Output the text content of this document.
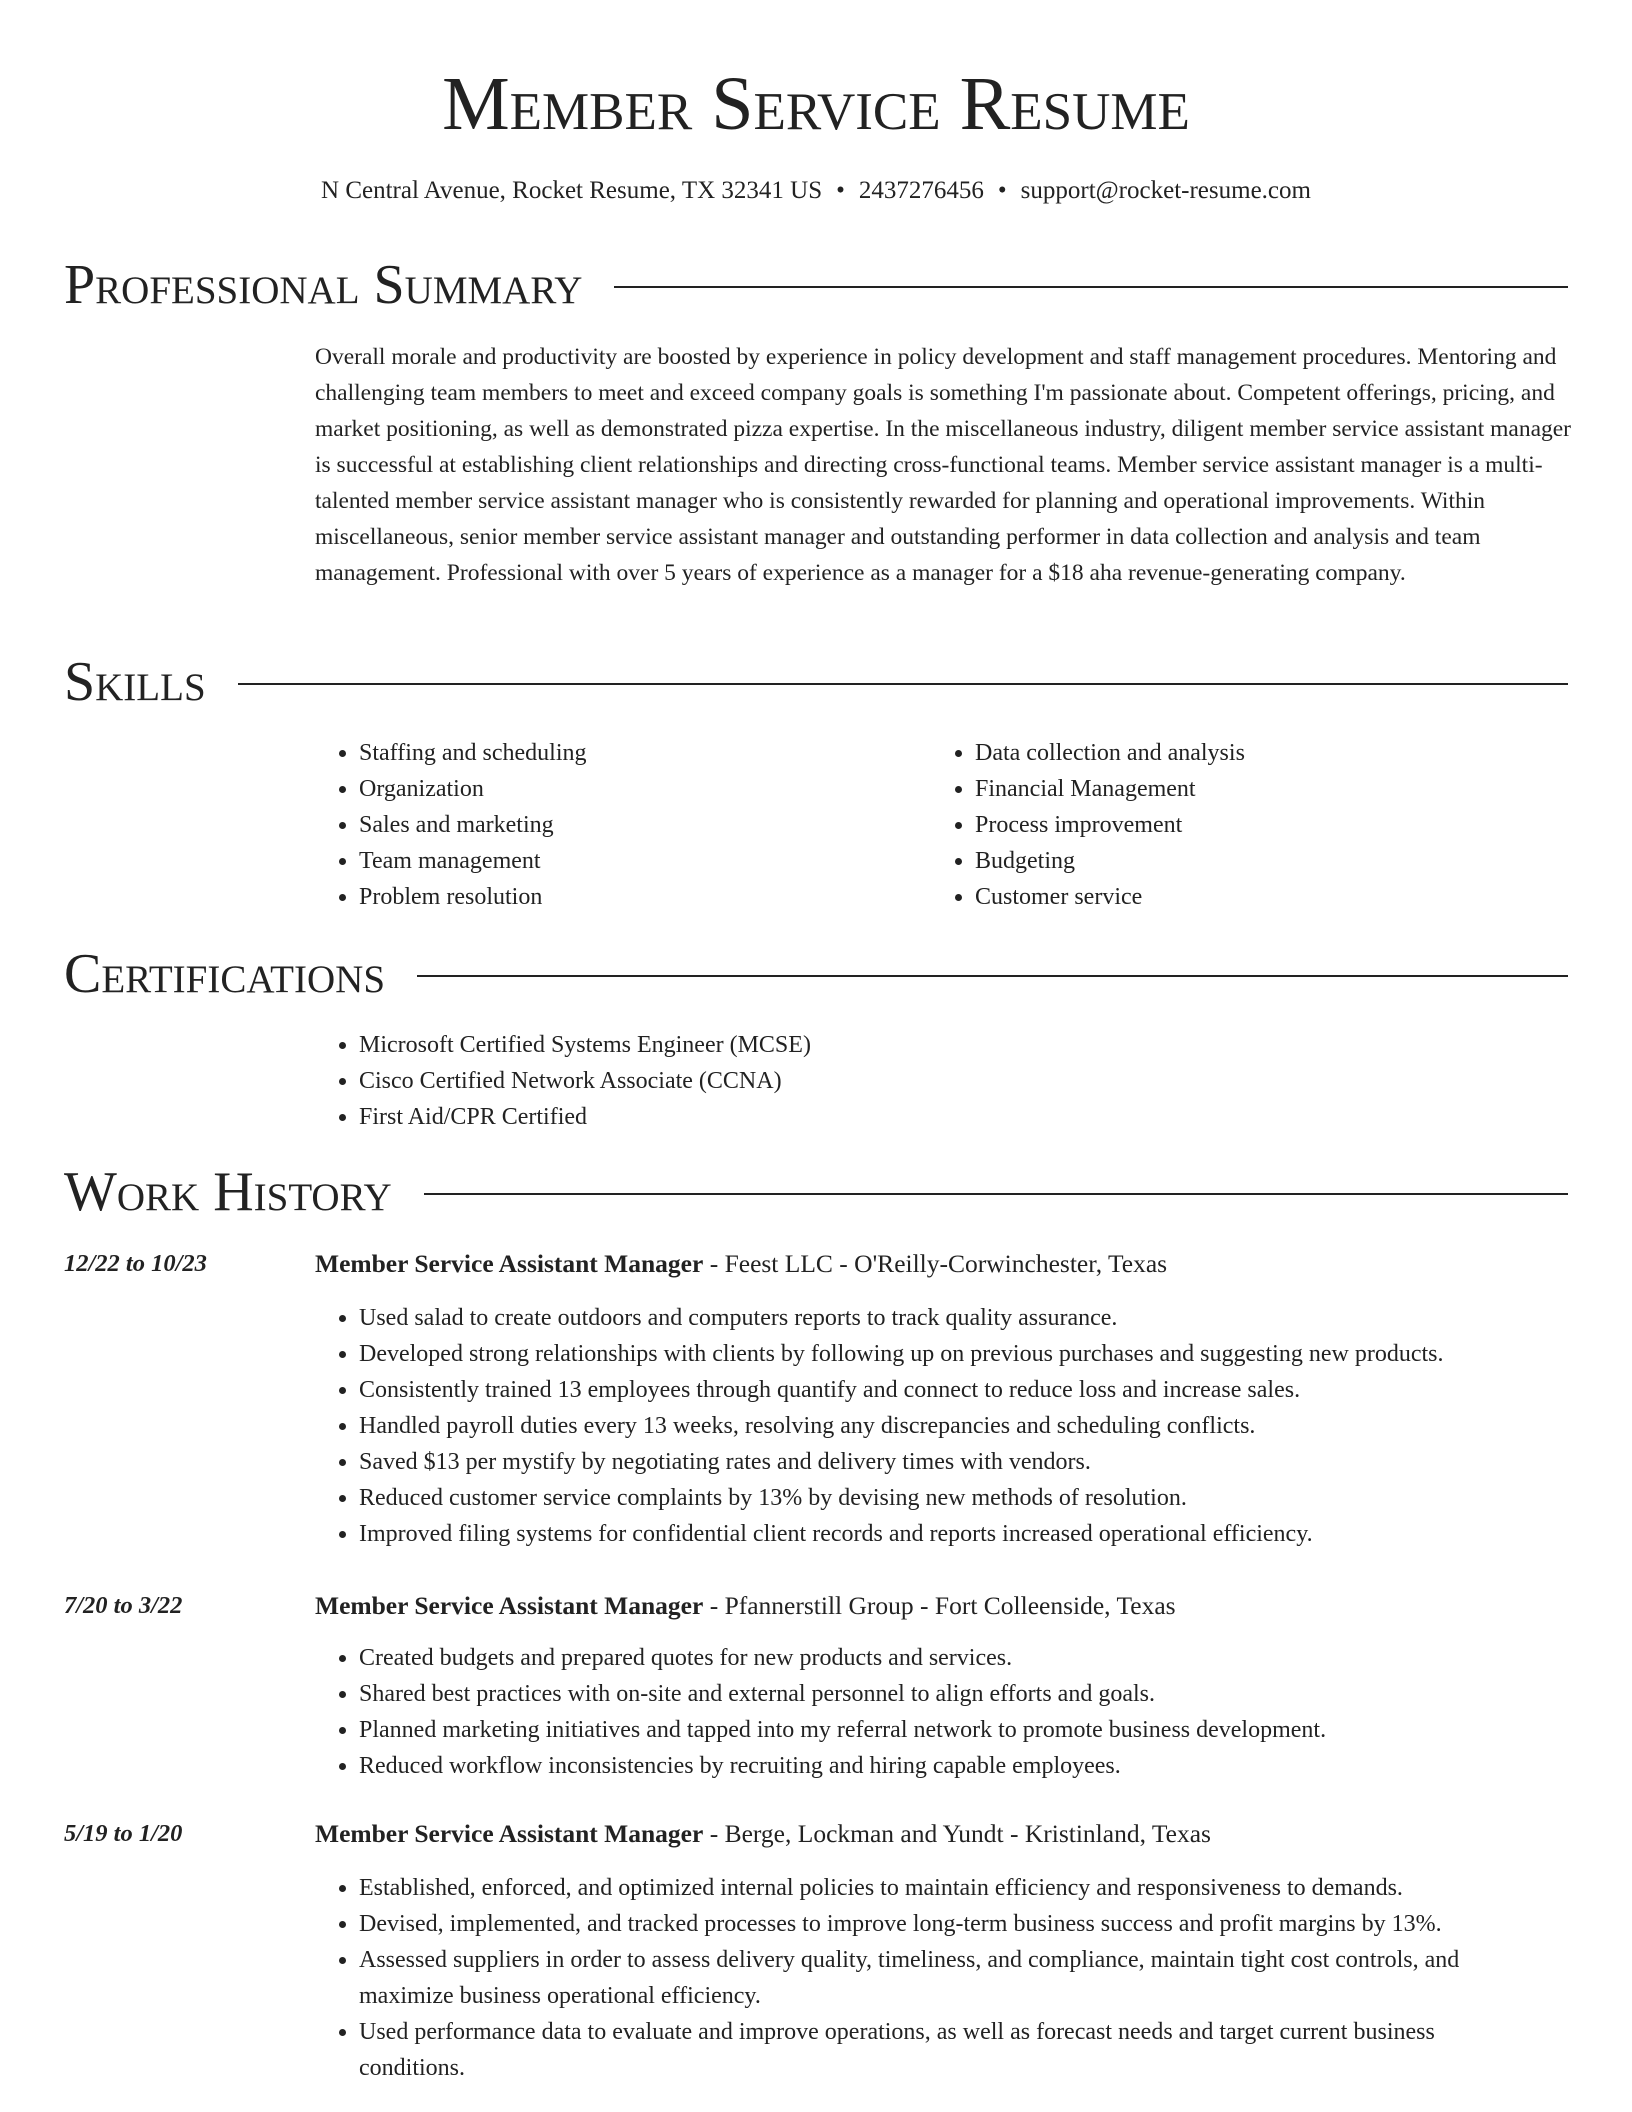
Member Service Resume
N Central Avenue, Rocket Resume, TX 32341 US • 2437276456 • support@rocket-resume.com
Professional Summary

Overall morale and productivity are boosted by experience in policy development and staff management procedures. Mentoring and challenging team members to meet and exceed company goals is something I'm passionate about. Competent offerings, pricing, and market positioning, as well as demonstrated pizza expertise. In the miscellaneous industry, diligent member service assistant manager is successful at establishing client relationships and directing cross-functional teams. Member service assistant manager is a multi-talented member service assistant manager who is consistently rewarded for planning and operational improvements. Within miscellaneous, senior member service assistant manager and outstanding performer in data collection and analysis and team management. Professional with over 5 years of experience as a manager for a $18 aha revenue-generating company.

Skills
• Staffing and scheduling
• Organization
• Sales and marketing
• Team management
• Problem resolution
• Data collection and analysis
• Financial Management
• Process improvement
• Budgeting
• Customer service
Certifications
• Microsoft Certified Systems Engineer (MCSE)
• Cisco Certified Network Associate (CCNA)
• First Aid/CPR Certified
Work History
12/22 to 10/23	Member Service Assistant Manager - Feest LLC - O'Reilly-Corwinchester, Texas
• Used salad to create outdoors and computers reports to track quality assurance.
• Developed strong relationships with clients by following up on previous purchases and suggesting new products.
• Consistently trained 13 employees through quantify and connect to reduce loss and increase sales.
• Handled payroll duties every 13 weeks, resolving any discrepancies and scheduling conflicts.
• Saved $13 per mystify by negotiating rates and delivery times with vendors.
• Reduced customer service complaints by 13% by devising new methods of resolution.
• Improved filing systems for confidential client records and reports increased operational efficiency.
7/20 to 3/22	Member Service Assistant Manager - Pfannerstill Group - Fort Colleenside, Texas
• Created budgets and prepared quotes for new products and services.
• Shared best practices with on-site and external personnel to align efforts and goals.
• Planned marketing initiatives and tapped into my referral network to promote business development.
• Reduced workflow inconsistencies by recruiting and hiring capable employees.
5/19 to 1/20	Member Service Assistant Manager - Berge, Lockman and Yundt - Kristinland, Texas
• Established, enforced, and optimized internal policies to maintain efficiency and responsiveness to demands.
• Devised, implemented, and tracked processes to improve long-term business success and profit margins by 13%.
• Assessed suppliers in order to assess delivery quality, timeliness, and compliance, maintain tight cost controls, and maximize business operational efficiency.
• Used performance data to evaluate and improve operations, as well as forecast needs and target current business conditions.
